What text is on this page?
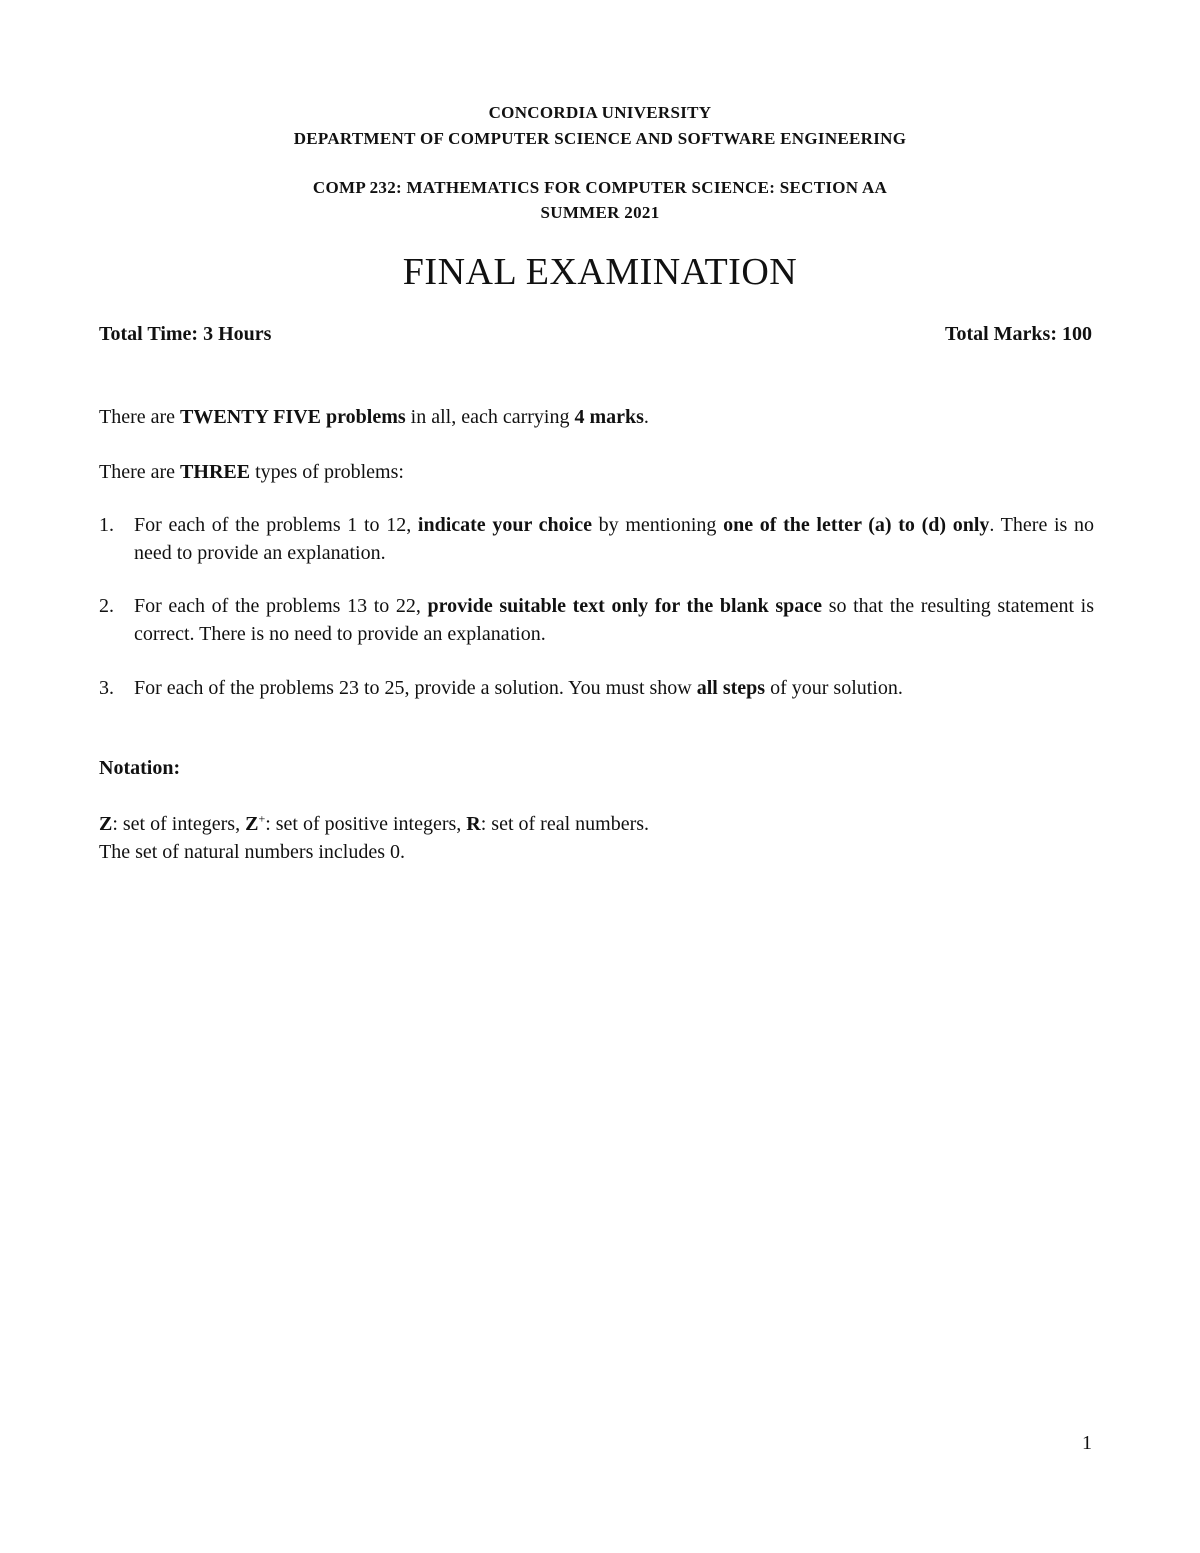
CONCORDIA UNIVERSITY
DEPARTMENT OF COMPUTER SCIENCE AND SOFTWARE ENGINEERING
COMP 232: MATHEMATICS FOR COMPUTER SCIENCE: SECTION AA
SUMMER 2021
FINAL EXAMINATION
Total Time: 3 Hours	Total Marks: 100
There are TWENTY FIVE problems in all, each carrying 4 marks.
There are THREE types of problems:
1. For each of the problems 1 to 12, indicate your choice by mentioning one of the letter (a) to (d) only. There is no need to provide an explanation.
2. For each of the problems 13 to 22, provide suitable text only for the blank space so that the resulting statement is correct. There is no need to provide an explanation.
3. For each of the problems 23 to 25, provide a solution. You must show all steps of your solution.
Notation:
Z: set of integers, Z+: set of positive integers, R: set of real numbers.
The set of natural numbers includes 0.
1
